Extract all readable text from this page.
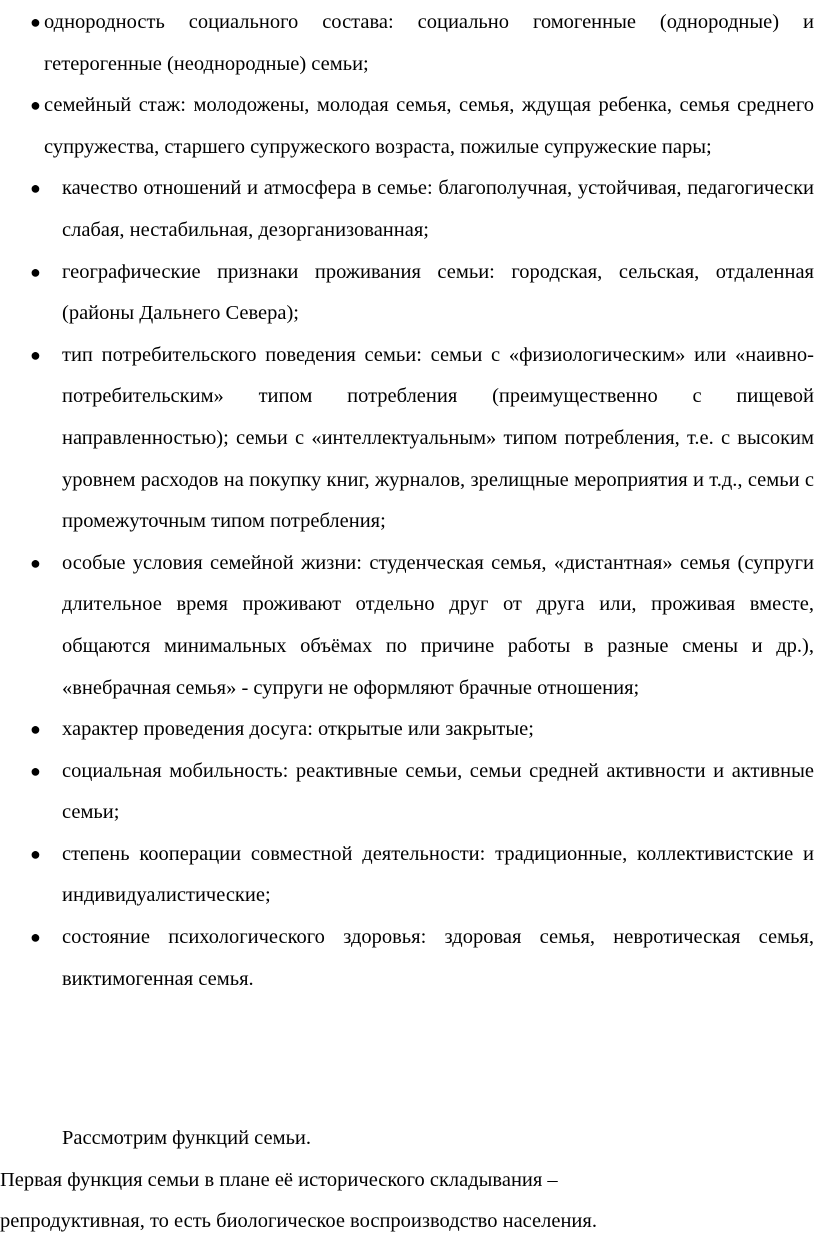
● однородность социального состава: социально гомогенные (однородные) и гетерогенные (неоднородные) семьи;
● семейный стаж: молодожены, молодая семья, семья, ждущая ребенка, семья среднего супружества, старшего супружеского возраста, пожилые супружеские пары;
● качество отношений и атмосфера в семье: благополучная, устойчивая, педагогически слабая, нестабильная, дезорганизованная;
● географические признаки проживания семьи: городская, сельская, отдаленная (районы Дальнего Севера);
● тип потребительского поведения семьи: семьи с «физиологическим» или «наивно-потребительским» типом потребления (преимущественно с пищевой направленностью); семьи с «интеллектуальным» типом потребления, т.е. с высоким уровнем расходов на покупку книг, журналов, зрелищные мероприятия и т.д., семьи с промежуточным типом потребления;
● особые условия семейной жизни: студенческая семья, «дистантная» семья (супруги длительное время проживают отдельно друг от друга или, проживая вместе, общаются минимальных объёмах по причине работы в разные смены и др.), «внебрачная семья» - супруги не оформляют брачные отношения;
● характер проведения досуга: открытые или закрытые;
● социальная мобильность: реактивные семьи, семьи средней активности и активные семьи;
● степень кооперации совместной деятельности: традиционные, коллективистские и индивидуалистические;
● состояние психологического здоровья: здоровая семья, невротическая семья, виктимогенная семья.

Рассмотрим функций семьи.

Первая функция семьи в плане её исторического складывания – репродуктивная, то есть биологическое воспроизводство населения.
